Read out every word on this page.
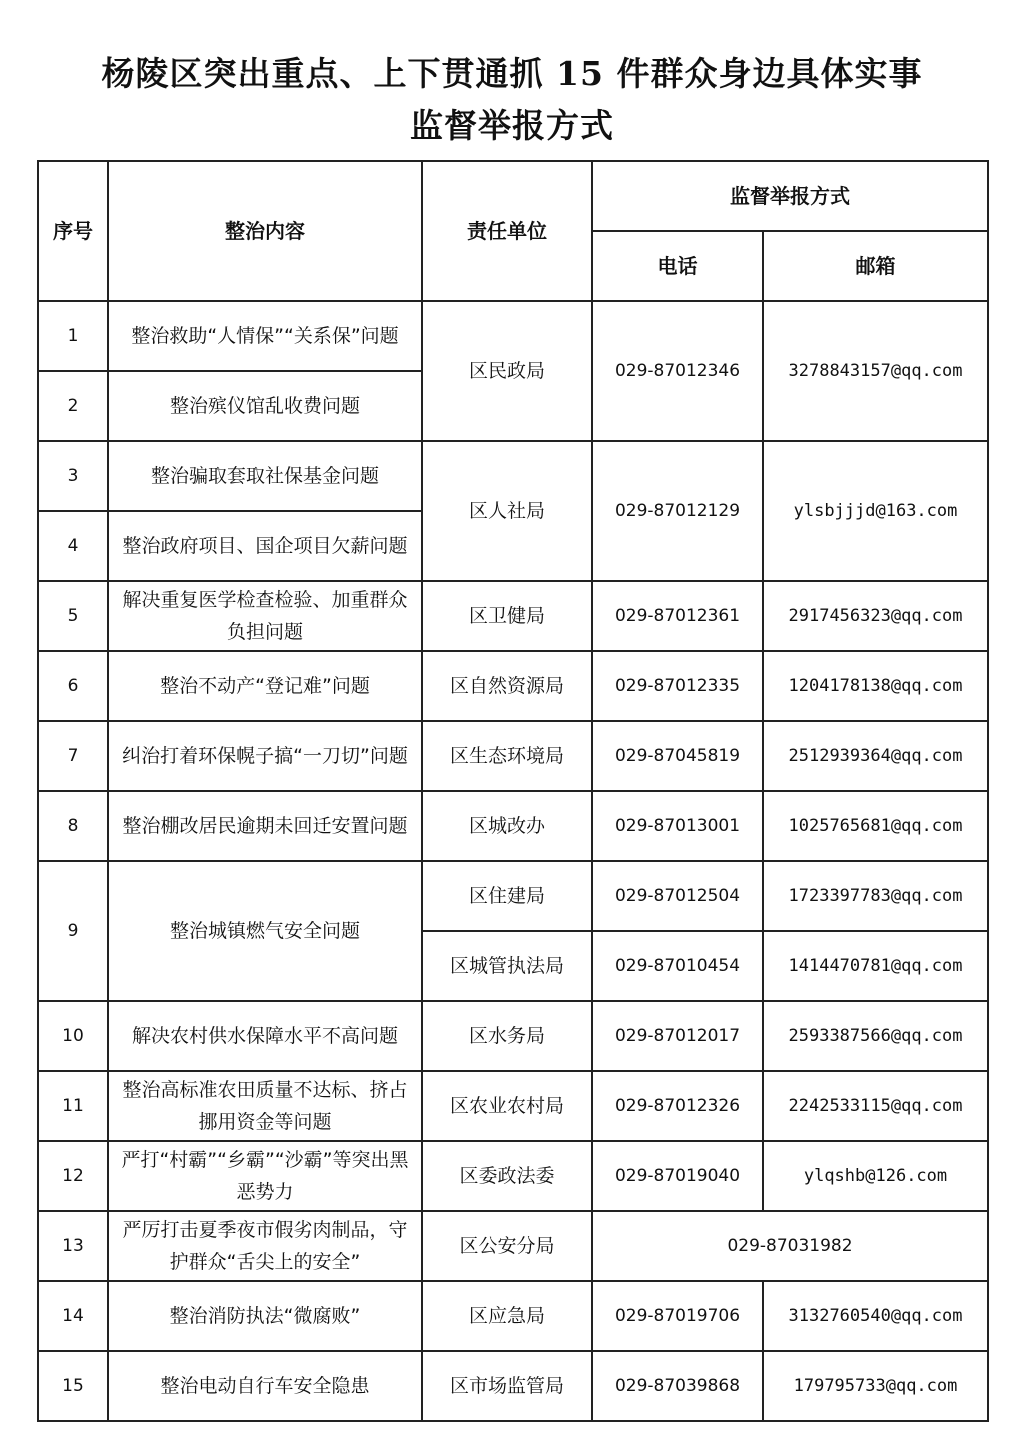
杨陵区突出重点、上下贯通抓 15 件群众身边具体实事
监督举报方式
序号	整治内容	责任单位	监督举报方式	
			电话	邮箱
1	整治救助“人情保”“关系保”问题	区民政局	029-87012346	3278843157@qq.com
2	整治殡仪馆乱收费问题			
3	整治骗取套取社保基金问题	区人社局	029-87012129	ylsbjjjd@163.com
4	整治政府项目、国企项目欠薪问题			
5	解决重复医学检查检验、加重群众负担问题	区卫健局	029-87012361	2917456323@qq.com
6	整治不动产“登记难”问题	区自然资源局	029-87012335	1204178138@qq.com
7	纠治打着环保幌子搞“一刀切”问题	区生态环境局	029-87045819	2512939364@qq.com
8	整治棚改居民逾期未回迁安置问题	区城改办	029-87013001	1025765681@qq.com
9	整治城镇燃气安全问题	区住建局	029-87012504	1723397783@qq.com
		区城管执法局	029-87010454	1414470781@qq.com
10	解决农村供水保障水平不高问题	区水务局	029-87012017	2593387566@qq.com
11	整治高标准农田质量不达标、挤占挪用资金等问题	区农业农村局	029-87012326	2242533115@qq.com
12	严打“村霸”“乡霸”“沙霸”等突出黑恶势力	区委政法委	029-87019040	ylqshb@126.com
13	严厉打击夏季夜市假劣肉制品，守护群众“舌尖上的安全”	区公安分局	029-87031982	
14	整治消防执法“微腐败”	区应急局	029-87019706	3132760540@qq.com
15	整治电动自行车安全隐患	区市场监管局	029-87039868	179795733@qq.com
